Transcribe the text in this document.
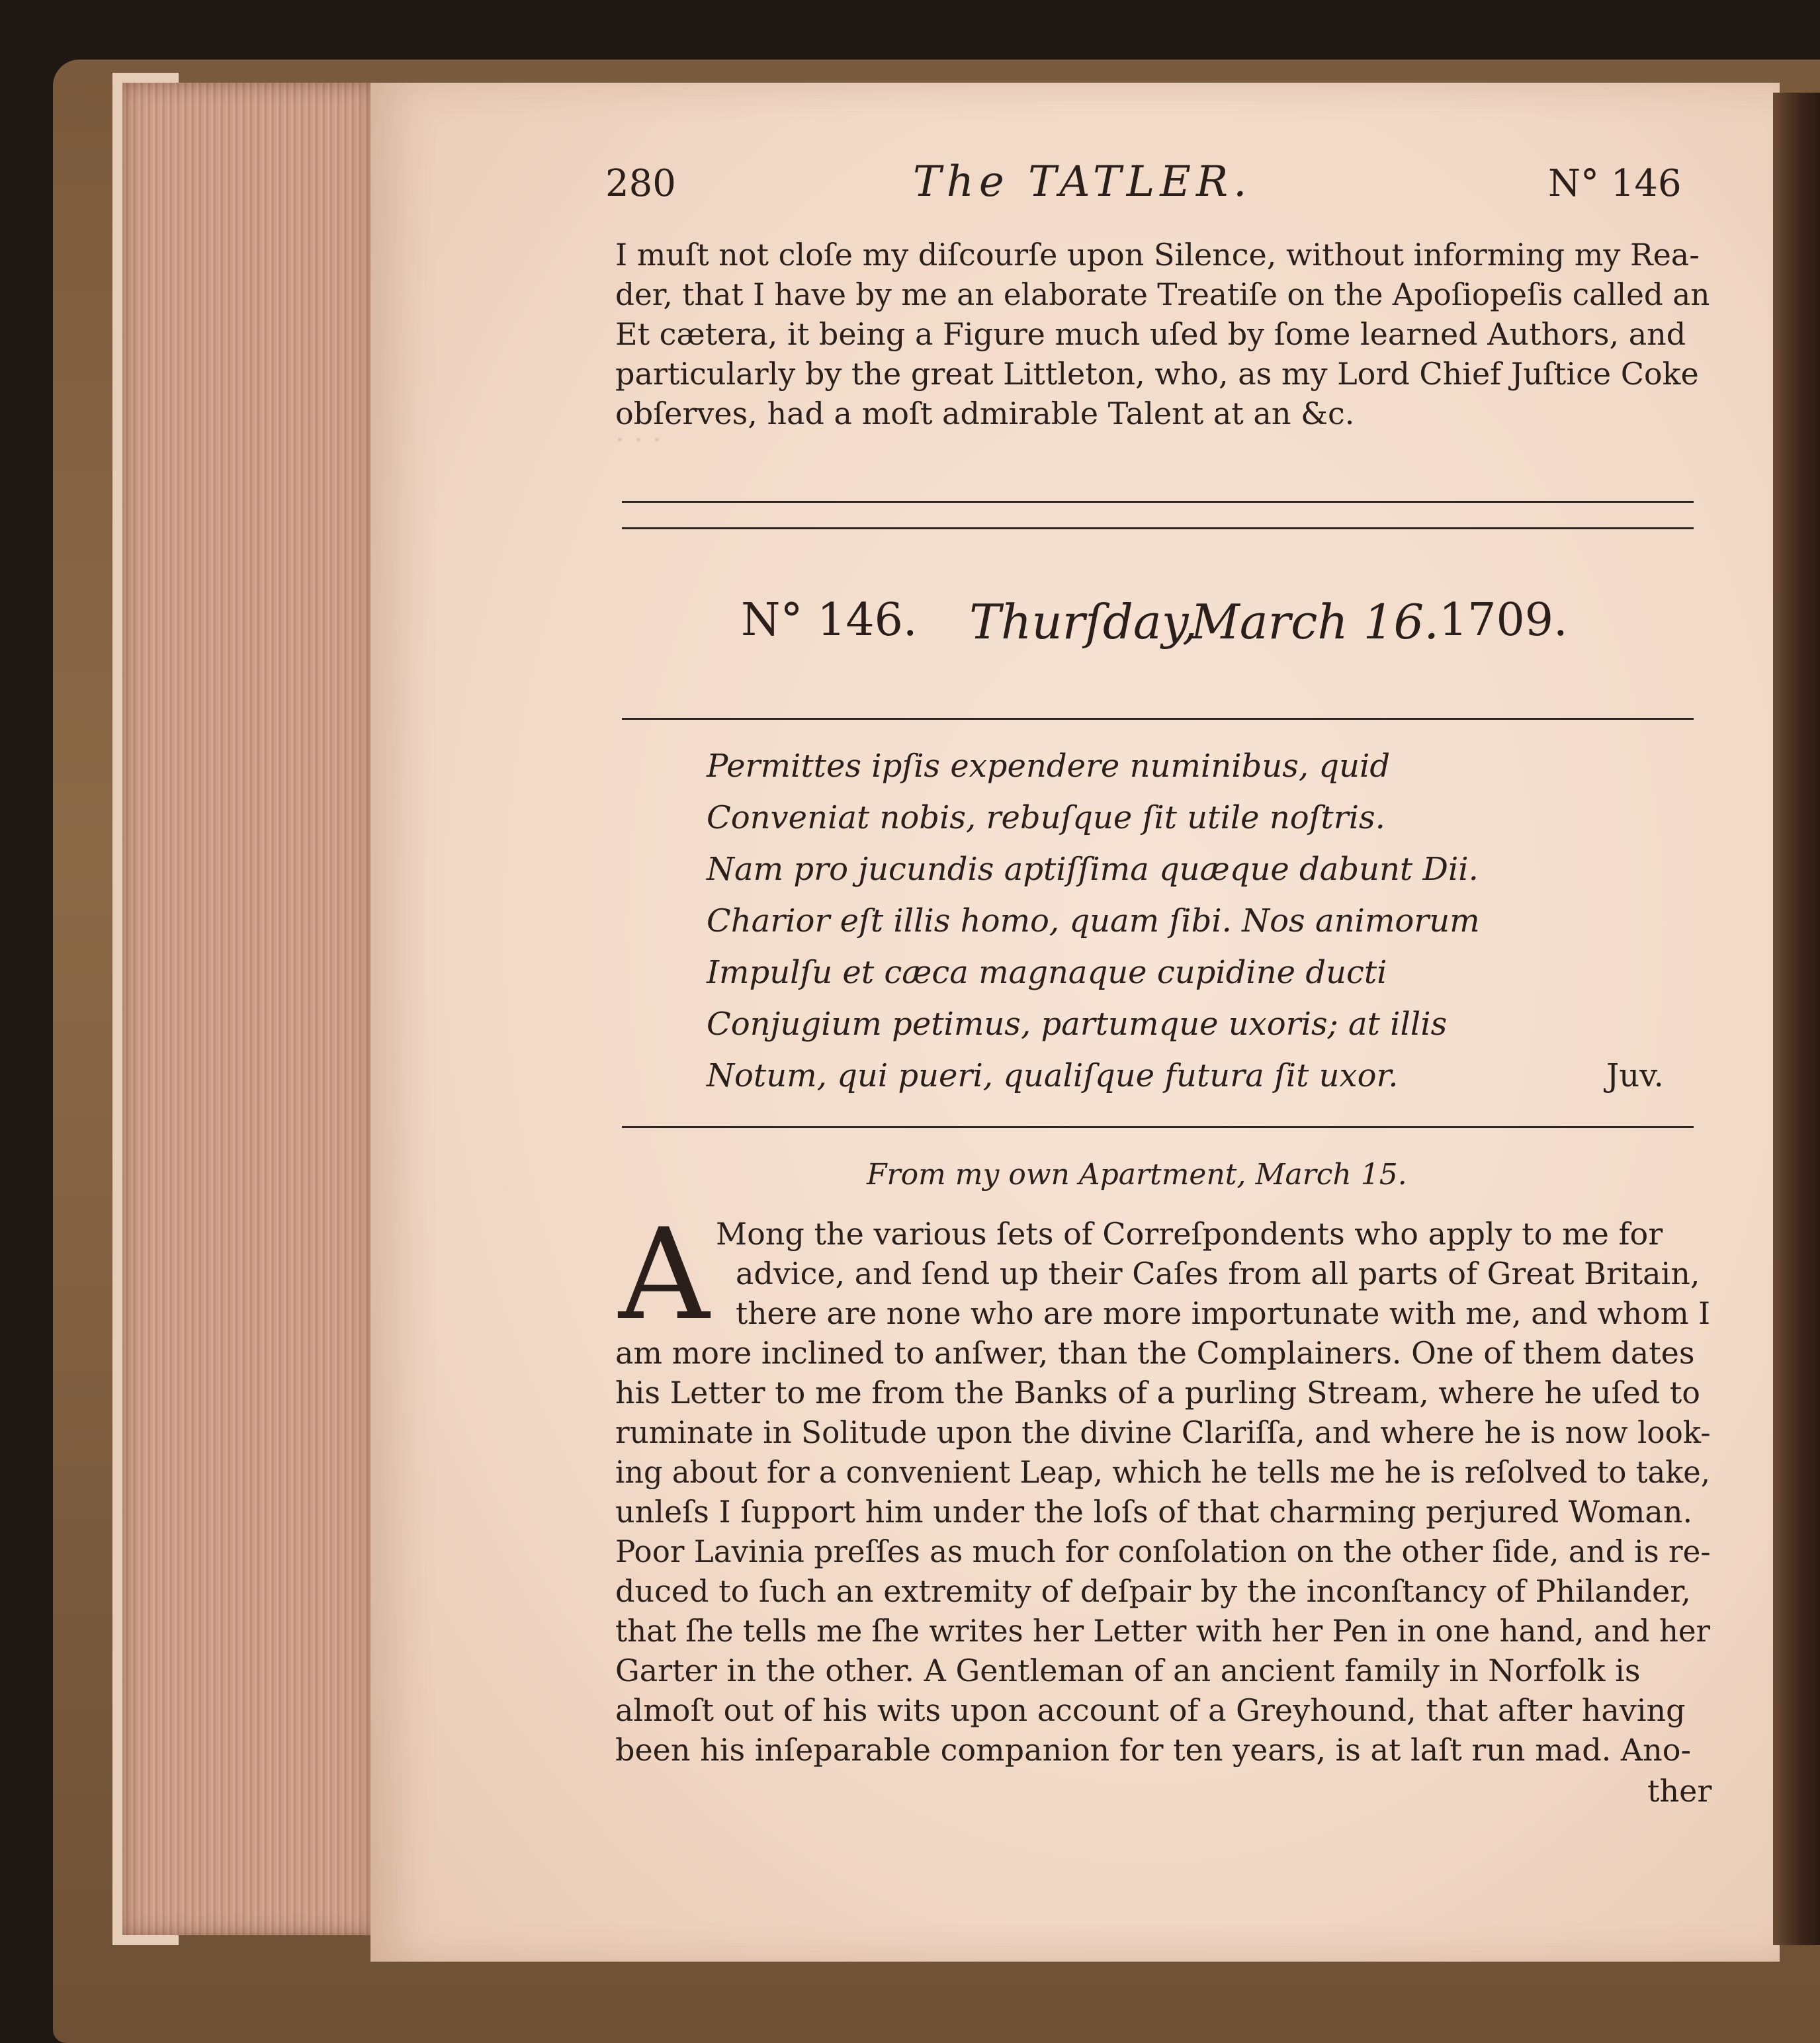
· · ·
280	The TATLER.	N° 146
I muſt not cloſe my diſcourſe upon Silence, without informing my Rea-
der, that I have by me an elaborate Treatiſe on the Apoſiopeſis called an
Et cætera, it being a Figure much uſed by ſome learned Authors, and
particularly by the great Littleton, who, as my Lord Chief Juſtice Coke
obſerves, had a moſt admirable Talent at an &c.
N° 146. Thurſday,
March 16. 1709.
Permittes ipſis expendere numinibus, quid
Conveniat nobis, rebuſque ſit utile noſtris.
Nam pro jucundis aptiſſima quæque dabunt Dii.
Charior eſt illis homo, quam ſibi. Nos animorum
Impulſu et cæca magnaque cupidine ducti
Conjugium petimus, partumque uxoris; at illis
Notum, qui pueri, qualiſque futura ſit uxor.	Juv.
From my own Apartment, March 15.
A Mong the various ſets of Correſpondents who apply to me for
advice, and ſend up their Caſes from all parts of Great Britain,
there are none who are more importunate with me, and whom I
am more inclined to anſwer, than the Complainers. One of them dates
his Letter to me from the Banks of a purling Stream, where he uſed to
ruminate in Solitude upon the divine Clariſſa, and where he is now look-
ing about for a convenient Leap, which he tells me he is reſolved to take,
unleſs I ſupport him under the loſs of that charming perjured Woman.
Poor Lavinia preſſes as much for conſolation on the other ſide, and is re-
duced to ſuch an extremity of deſpair by the inconſtancy of Philander,
that ſhe tells me ſhe writes her Letter with her Pen in one hand, and her
Garter in the other. A Gentleman of an ancient family in Norfolk is
almoſt out of his wits upon account of a Greyhound, that after having
been his inſeparable companion for ten years, is at laſt run mad. Ano-
ther
